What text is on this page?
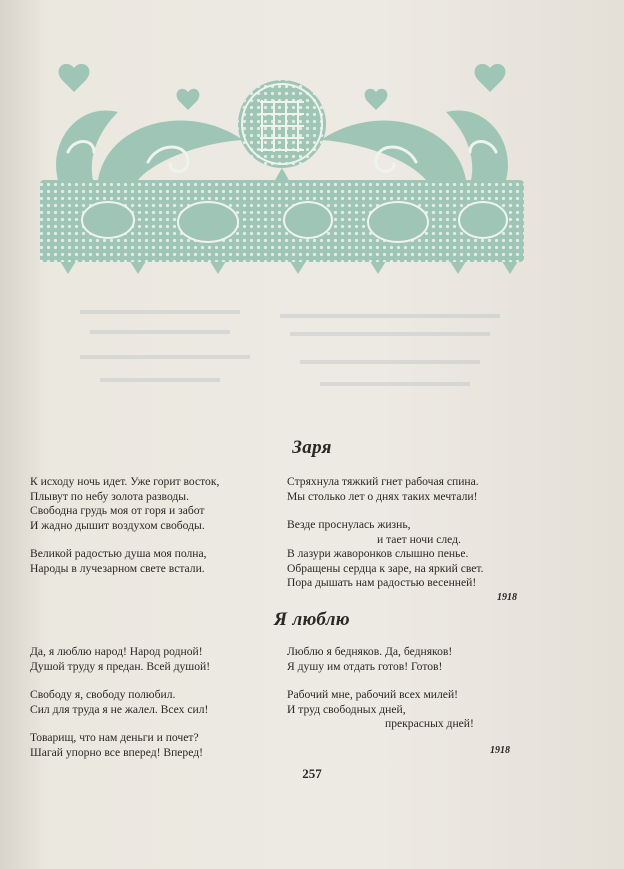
Заря
К исходу ночь идет. Уже горит восток,
Плывут по небу золота разводы.
Свободна грудь моя от горя и забот
И жадно дышит воздухом свободы.
Великой радостью душа моя полна,
Народы в лучезарном свете встали.
Стряхнула тяжкий гнет рабочая спина.
Мы столько лет о днях таких мечтали!
Везде проснулась жизнь,
и тает ночи след.
В лазури жаворонков слышно пенье.
Обращены сердца к заре, на яркий свет.
Пора дышать нам радостью весенней!
1918
Я люблю
Да, я люблю народ! Народ родной!
Душой труду я предан. Всей душой!
Свободу я, свободу полюбил.
Сил для труда я не жалел. Всех сил!
Товарищ, что нам деньги и почет?
Шагай упорно все вперед! Вперед!
Люблю я бедняков. Да, бедняков!
Я душу им отдать готов! Готов!
Рабочий мне, рабочий всех милей!
И труд свободных дней,
прекрасных дней!
1918
257
